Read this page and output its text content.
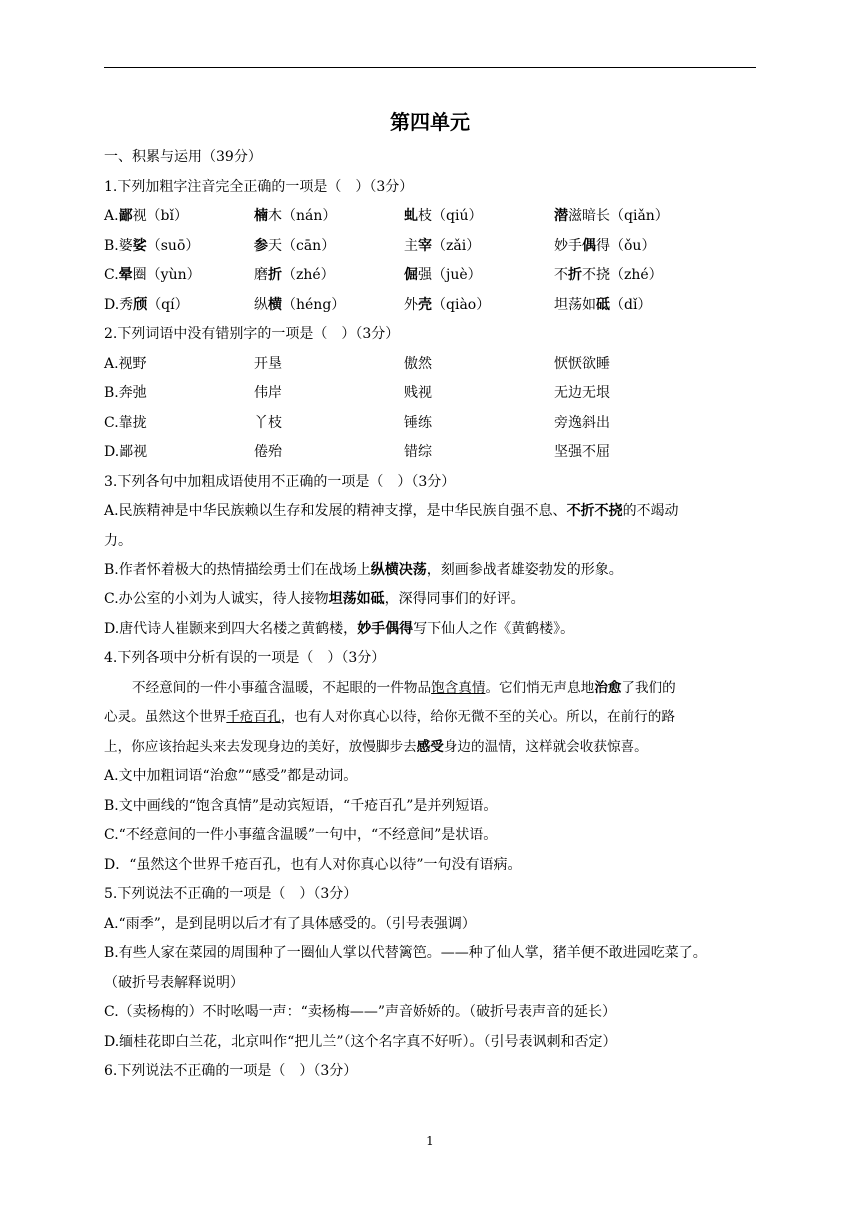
第四单元
一、积累与运用（39分）
1.下列加粗字注音完全正确的一项是（　）（3分）
A.鄙视（bǐ）	楠木（nán）	虬枝（qiú）	潜滋暗长（qiǎn）
B.婆娑（suō）	参天（cān）	主宰（zǎi）	妙手偶得（ǒu）
C.晕圈（yùn）	磨折（zhé）	倔强（juè）	不折不挠（zhé）
D.秀颀（qí）	纵横（héng）	外壳（qiào）	坦荡如砥（dǐ）
2.下列词语中没有错别字的一项是（　）（3分）
A.视野	开垦	傲然	恹恹欲睡
B.奔弛	伟岸	贱视	无边无垠
C.靠拢	丫枝	锤练	旁逸斜出
D.鄙视	倦殆	错综	坚强不屈
3.下列各句中加粗成语使用不正确的一项是（　）（3分）
A.民族精神是中华民族赖以生存和发展的精神支撑，是中华民族自强不息、不折不挠的不竭动
力。
B.作者怀着极大的热情描绘勇士们在战场上纵横决荡，刻画参战者雄姿勃发的形象。
C.办公室的小刘为人诚实，待人接物坦荡如砥，深得同事们的好评。
D.唐代诗人崔颢来到四大名楼之黄鹤楼，妙手偶得写下仙人之作《黄鹤楼》。
4.下列各项中分析有误的一项是（　）（3分）
不经意间的一件小事蕴含温暖，不起眼的一件物品饱含真情。它们悄无声息地治愈了我们的
心灵。虽然这个世界千疮百孔，也有人对你真心以待，给你无微不至的关心。所以，在前行的路
上，你应该抬起头来去发现身边的美好，放慢脚步去感受身边的温情，这样就会收获惊喜。
A.文中加粗词语“治愈”“感受”都是动词。
B.文中画线的“饱含真情”是动宾短语，“千疮百孔”是并列短语。
C.“不经意间的一件小事蕴含温暖”一句中，“不经意间”是状语。
D．“虽然这个世界千疮百孔，也有人对你真心以待”一句没有语病。
5.下列说法不正确的一项是（　）（3分）
A.“雨季”，是到昆明以后才有了具体感受的。（引号表强调）
B.有些人家在菜园的周围种了一圈仙人掌以代替篱笆。——种了仙人掌，猪羊便不敢进园吃菜了。
（破折号表解释说明）
C.（卖杨梅的）不时吆喝一声：“卖杨梅——”声音娇娇的。（破折号表声音的延长）
D.缅桂花即白兰花，北京叫作“把儿兰”（这个名字真不好听）。（引号表讽刺和否定）
6.下列说法不正确的一项是（　）（3分）
1
